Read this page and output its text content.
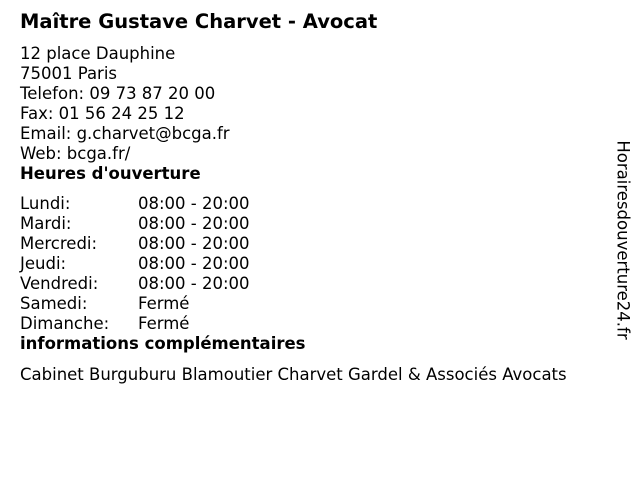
Maître Gustave Charvet - Avocat
12 place Dauphine
75001 Paris
Telefon: 09 73 87 20 00
Fax: 01 56 24 25 12
Email: g.charvet@bcga.fr
Web: bcga.fr/
Heures d'ouverture
Lundi:	08:00 - 20:00
Mardi:	08:00 - 20:00
Mercredi:	08:00 - 20:00
Jeudi:	08:00 - 20:00
Vendredi:	08:00 - 20:00
Samedi:	Fermé
Dimanche:	Fermé
informations complémentaires
Cabinet Burguburu Blamoutier Charvet Gardel & Associés Avocats
Horairesdouverture24.fr
